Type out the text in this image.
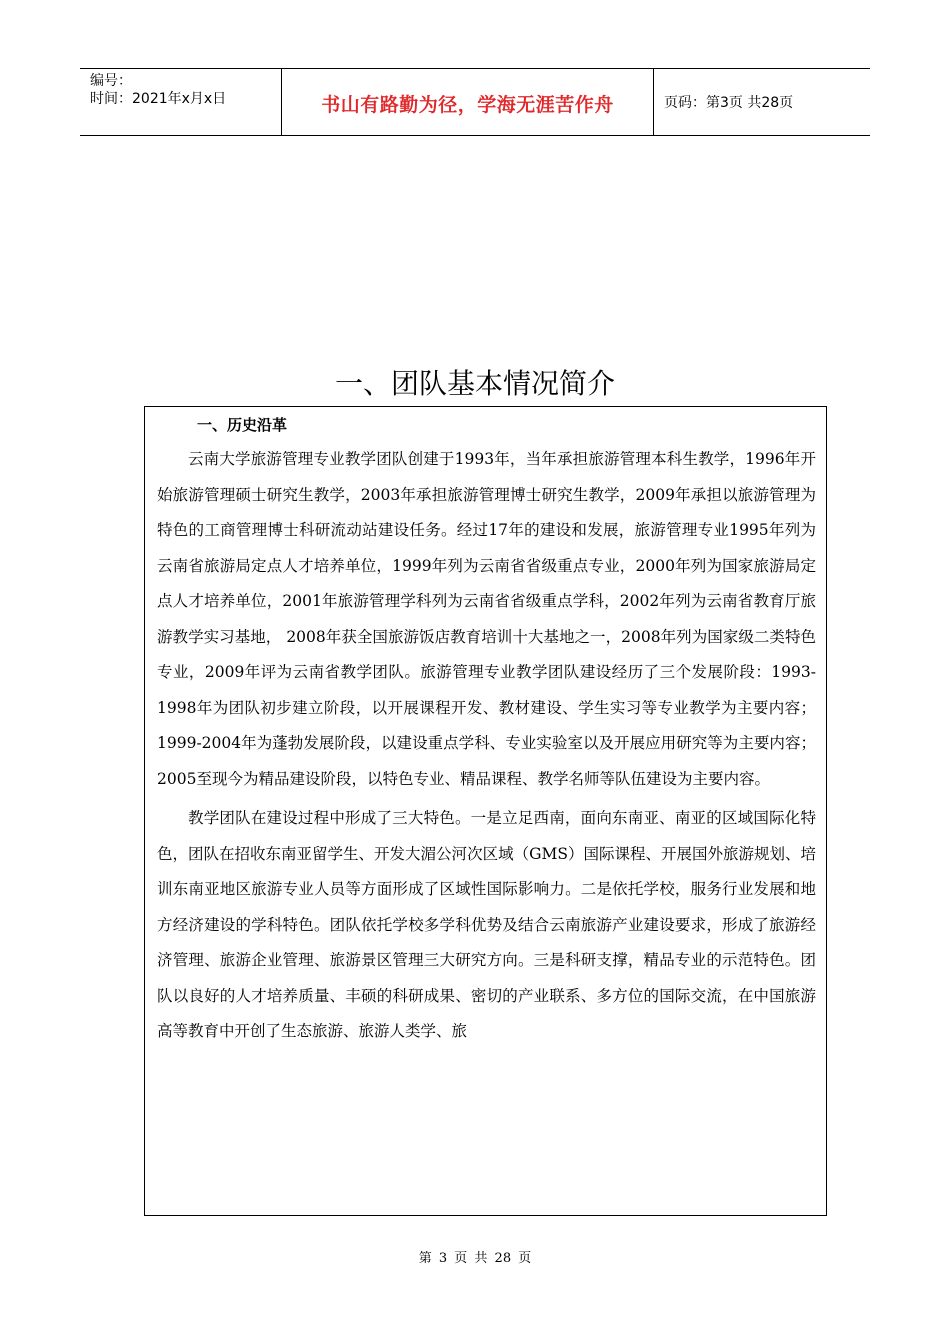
编号：
时间：2021年x月x日	书山有路勤为径，学海无涯苦作舟	页码：第3页 共28页
一、团队基本情况简介
一、历史沿革

云南大学旅游管理专业教学团队创建于1993年，当年承担旅游管理本科生教学，1996年开始旅游管理硕士研究生教学，2003年承担旅游管理博士研究生教学，2009年承担以旅游管理为特色的工商管理博士科研流动站建设任务。经过17年的建设和发展，旅游管理专业1995年列为云南省旅游局定点人才培养单位，1999年列为云南省省级重点专业，2000年列为国家旅游局定点人才培养单位，2001年旅游管理学科列为云南省省级重点学科，2002年列为云南省教育厅旅游教学实习基地， 2008年获全国旅游饭店教育培训十大基地之一，2008年列为国家级二类特色专业，2009年评为云南省教学团队。旅游管理专业教学团队建设经历了三个发展阶段：1993-1998年为团队初步建立阶段，以开展课程开发、教材建设、学生实习等专业教学为主要内容；1999-2004年为蓬勃发展阶段，以建设重点学科、专业实验室以及开展应用研究等为主要内容；2005至现今为精品建设阶段，以特色专业、精品课程、教学名师等队伍建设为主要内容。

教学团队在建设过程中形成了三大特色。一是立足西南，面向东南亚、南亚的区域国际化特色，团队在招收东南亚留学生、开发大湄公河次区域（GMS）国际课程、开展国外旅游规划、培训东南亚地区旅游专业人员等方面形成了区域性国际影响力。二是依托学校，服务行业发展和地方经济建设的学科特色。团队依托学校多学科优势及结合云南旅游产业建设要求，形成了旅游经济管理、旅游企业管理、旅游景区管理三大研究方向。三是科研支撑，精品专业的示范特色。团队以良好的人才培养质量、丰硕的科研成果、密切的产业联系、多方位的国际交流，在中国旅游高等教育中开创了生态旅游、旅游人类学、旅

第 3 页 共 28 页
